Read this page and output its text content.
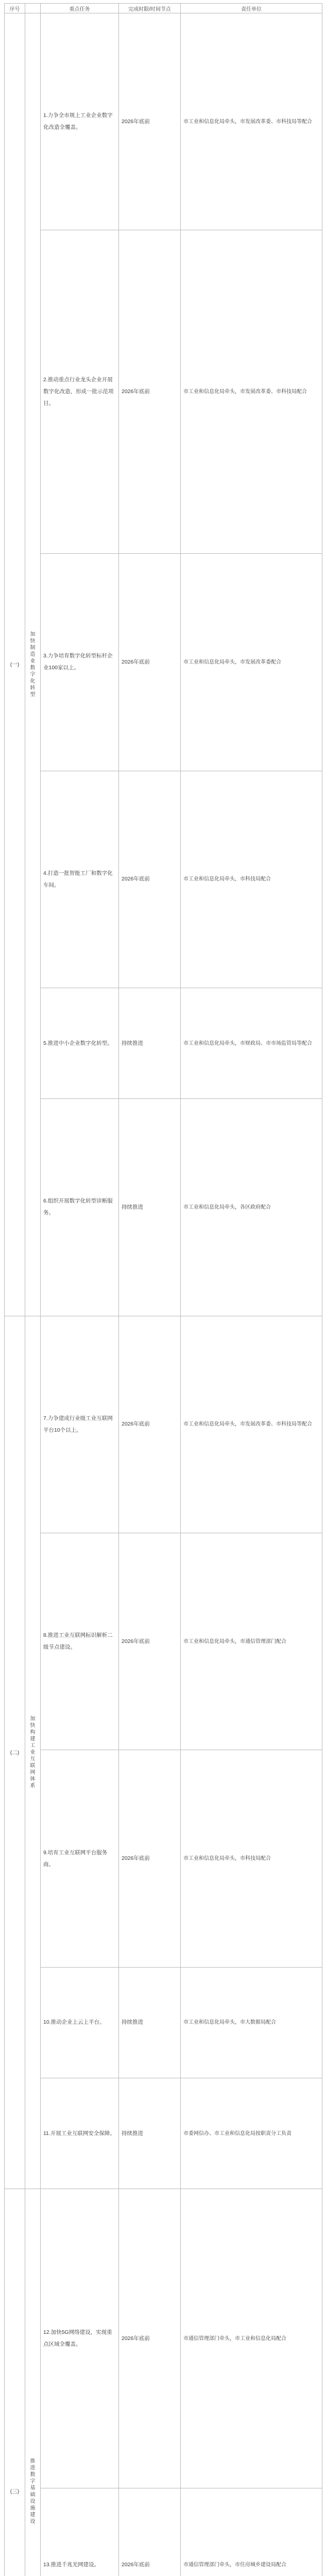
序号		重点任务	完成时限/时间节点	责任单位
(一)	加快制造业数字化转型	1.力争全市规上工业企业数字化改造全覆盖。	2026年底前	市工业和信息化局牵头，市发展改革委、市科技局等配合
		2.推动重点行业龙头企业开展数字化改造，形成一批示范项目。	2026年底前	市工业和信息化局牵头，市发展改革委、市科技局配合
		3.力争培育数字化转型标杆企业100家以上。	2026年底前	市工业和信息化局牵头，市发展改革委配合
		4.打造一批智能工厂和数字化车间。	2026年底前	市工业和信息化局牵头，市科技局配合
		5.推进中小企业数字化转型。	持续推进	市工业和信息化局牵头，市财政局、市市场监管局等配合
		6.组织开展数字化转型诊断服务。	持续推进	市工业和信息化局牵头，各区政府配合
(二)	加快构建工业互联网体系	7.力争建成行业级工业互联网平台10个以上。	2026年底前	市工业和信息化局牵头，市发展改革委、市科技局等配合
		8.推进工业互联网标识解析二级节点建设。	2026年底前	市工业和信息化局牵头，市通信管理部门配合
		9.培育工业互联网平台服务商。	2026年底前	市工业和信息化局牵头，市科技局配合
		10.推动企业上云上平台。	持续推进	市工业和信息化局牵头，市大数据局配合
		11.开展工业互联网安全保障。	持续推进	市委网信办、市工业和信息化局按职责分工负责
(三)	推进数字基础设施建设	12.加快5G网络建设，实现重点区域全覆盖。	2026年底前	市通信管理部门牵头，市工业和信息化局配合
		13.推进千兆光网建设。	2026年底前	市通信管理部门牵头，市住房城乡建设局配合
